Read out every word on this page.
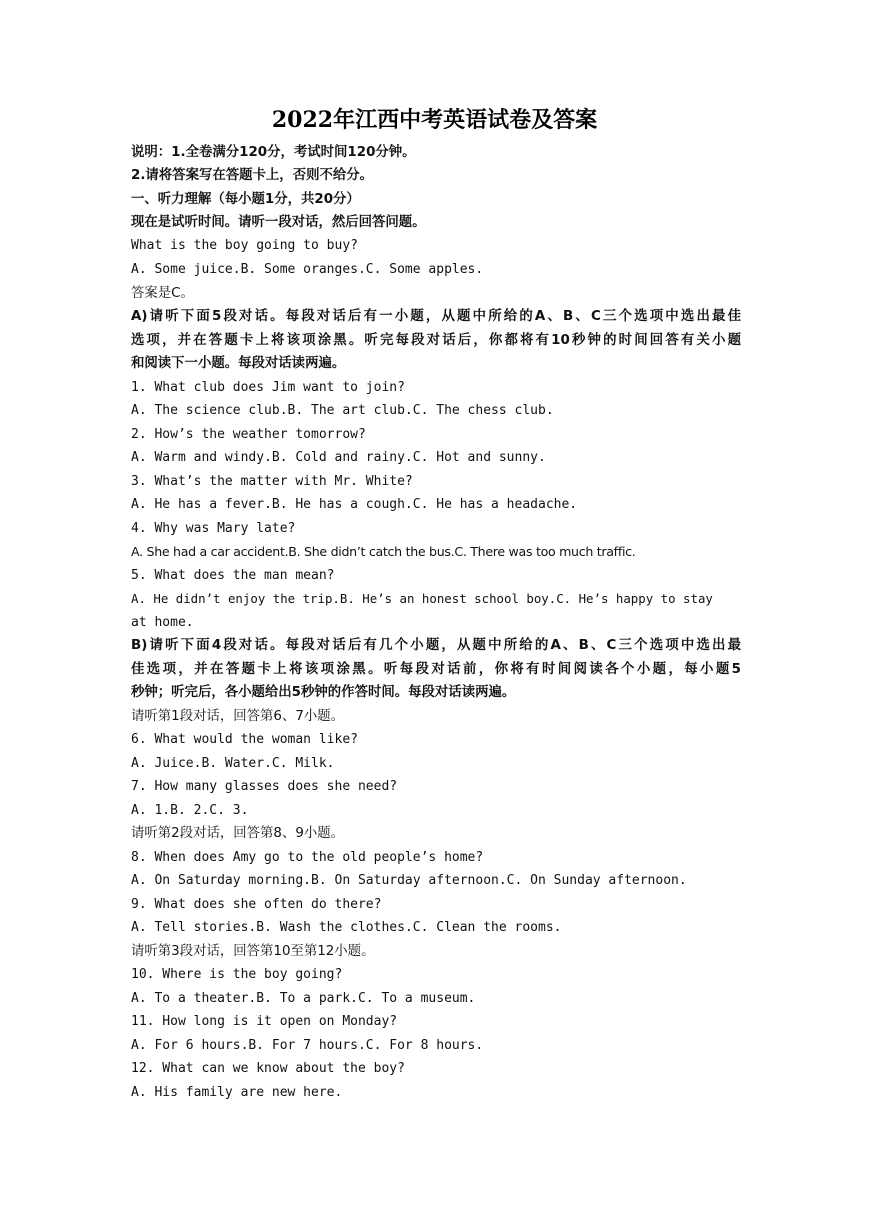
2022年江西中考英语试卷及答案
说明：1.全卷满分120分，考试时间120分钟。
2.请将答案写在答题卡上，否则不给分。
一、听力理解（每小题1分，共20分）
现在是试听时间。请听一段对话，然后回答问题。
What is the boy going to buy?
A. Some juice.B. Some oranges.C. Some apples.
答案是C。
A)请听下面5段对话。每段对话后有一小题，从题中所给的A、B、C三个选项中选出最佳
选项，并在答题卡上将该项涂黑。听完每段对话后，你都将有10秒钟的时间回答有关小题
和阅读下一小题。每段对话读两遍。
1. What club does Jim want to join?
A. The science club.B. The art club.C. The chess club.
2. How’s the weather tomorrow?
A. Warm and windy.B. Cold and rainy.C. Hot and sunny.
3. What’s the matter with Mr. White?
A. He has a fever.B. He has a cough.C. He has a headache.
4. Why was Mary late?
A. She had a car accident.B. She didn’t catch the bus.C. There was too much traffic.
5. What does the man mean?
A. He didn’t enjoy the trip.B. He’s an honest school boy.C. He’s happy to stay
at home.
B)请听下面4段对话。每段对话后有几个小题，从题中所给的A、B、C三个选项中选出最
佳选项，并在答题卡上将该项涂黑。听每段对话前，你将有时间阅读各个小题，每小题5
秒钟；听完后，各小题给出5秒钟的作答时间。每段对话读两遍。
请听第1段对话，回答第6、7小题。
6. What would the woman like?
A. Juice.B. Water.C. Milk.
7. How many glasses does she need?
A. 1.B. 2.C. 3.
请听第2段对话，回答第8、9小题。
8. When does Amy go to the old people’s home?
A. On Saturday morning.B. On Saturday afternoon.C. On Sunday afternoon.
9. What does she often do there?
A. Tell stories.B. Wash the clothes.C. Clean the rooms.
请听第3段对话，回答第10至第12小题。
10. Where is the boy going?
A. To a theater.B. To a park.C. To a museum.
11. How long is it open on Monday?
A. For 6 hours.B. For 7 hours.C. For 8 hours.
12. What can we know about the boy?
A. His family are new here.
